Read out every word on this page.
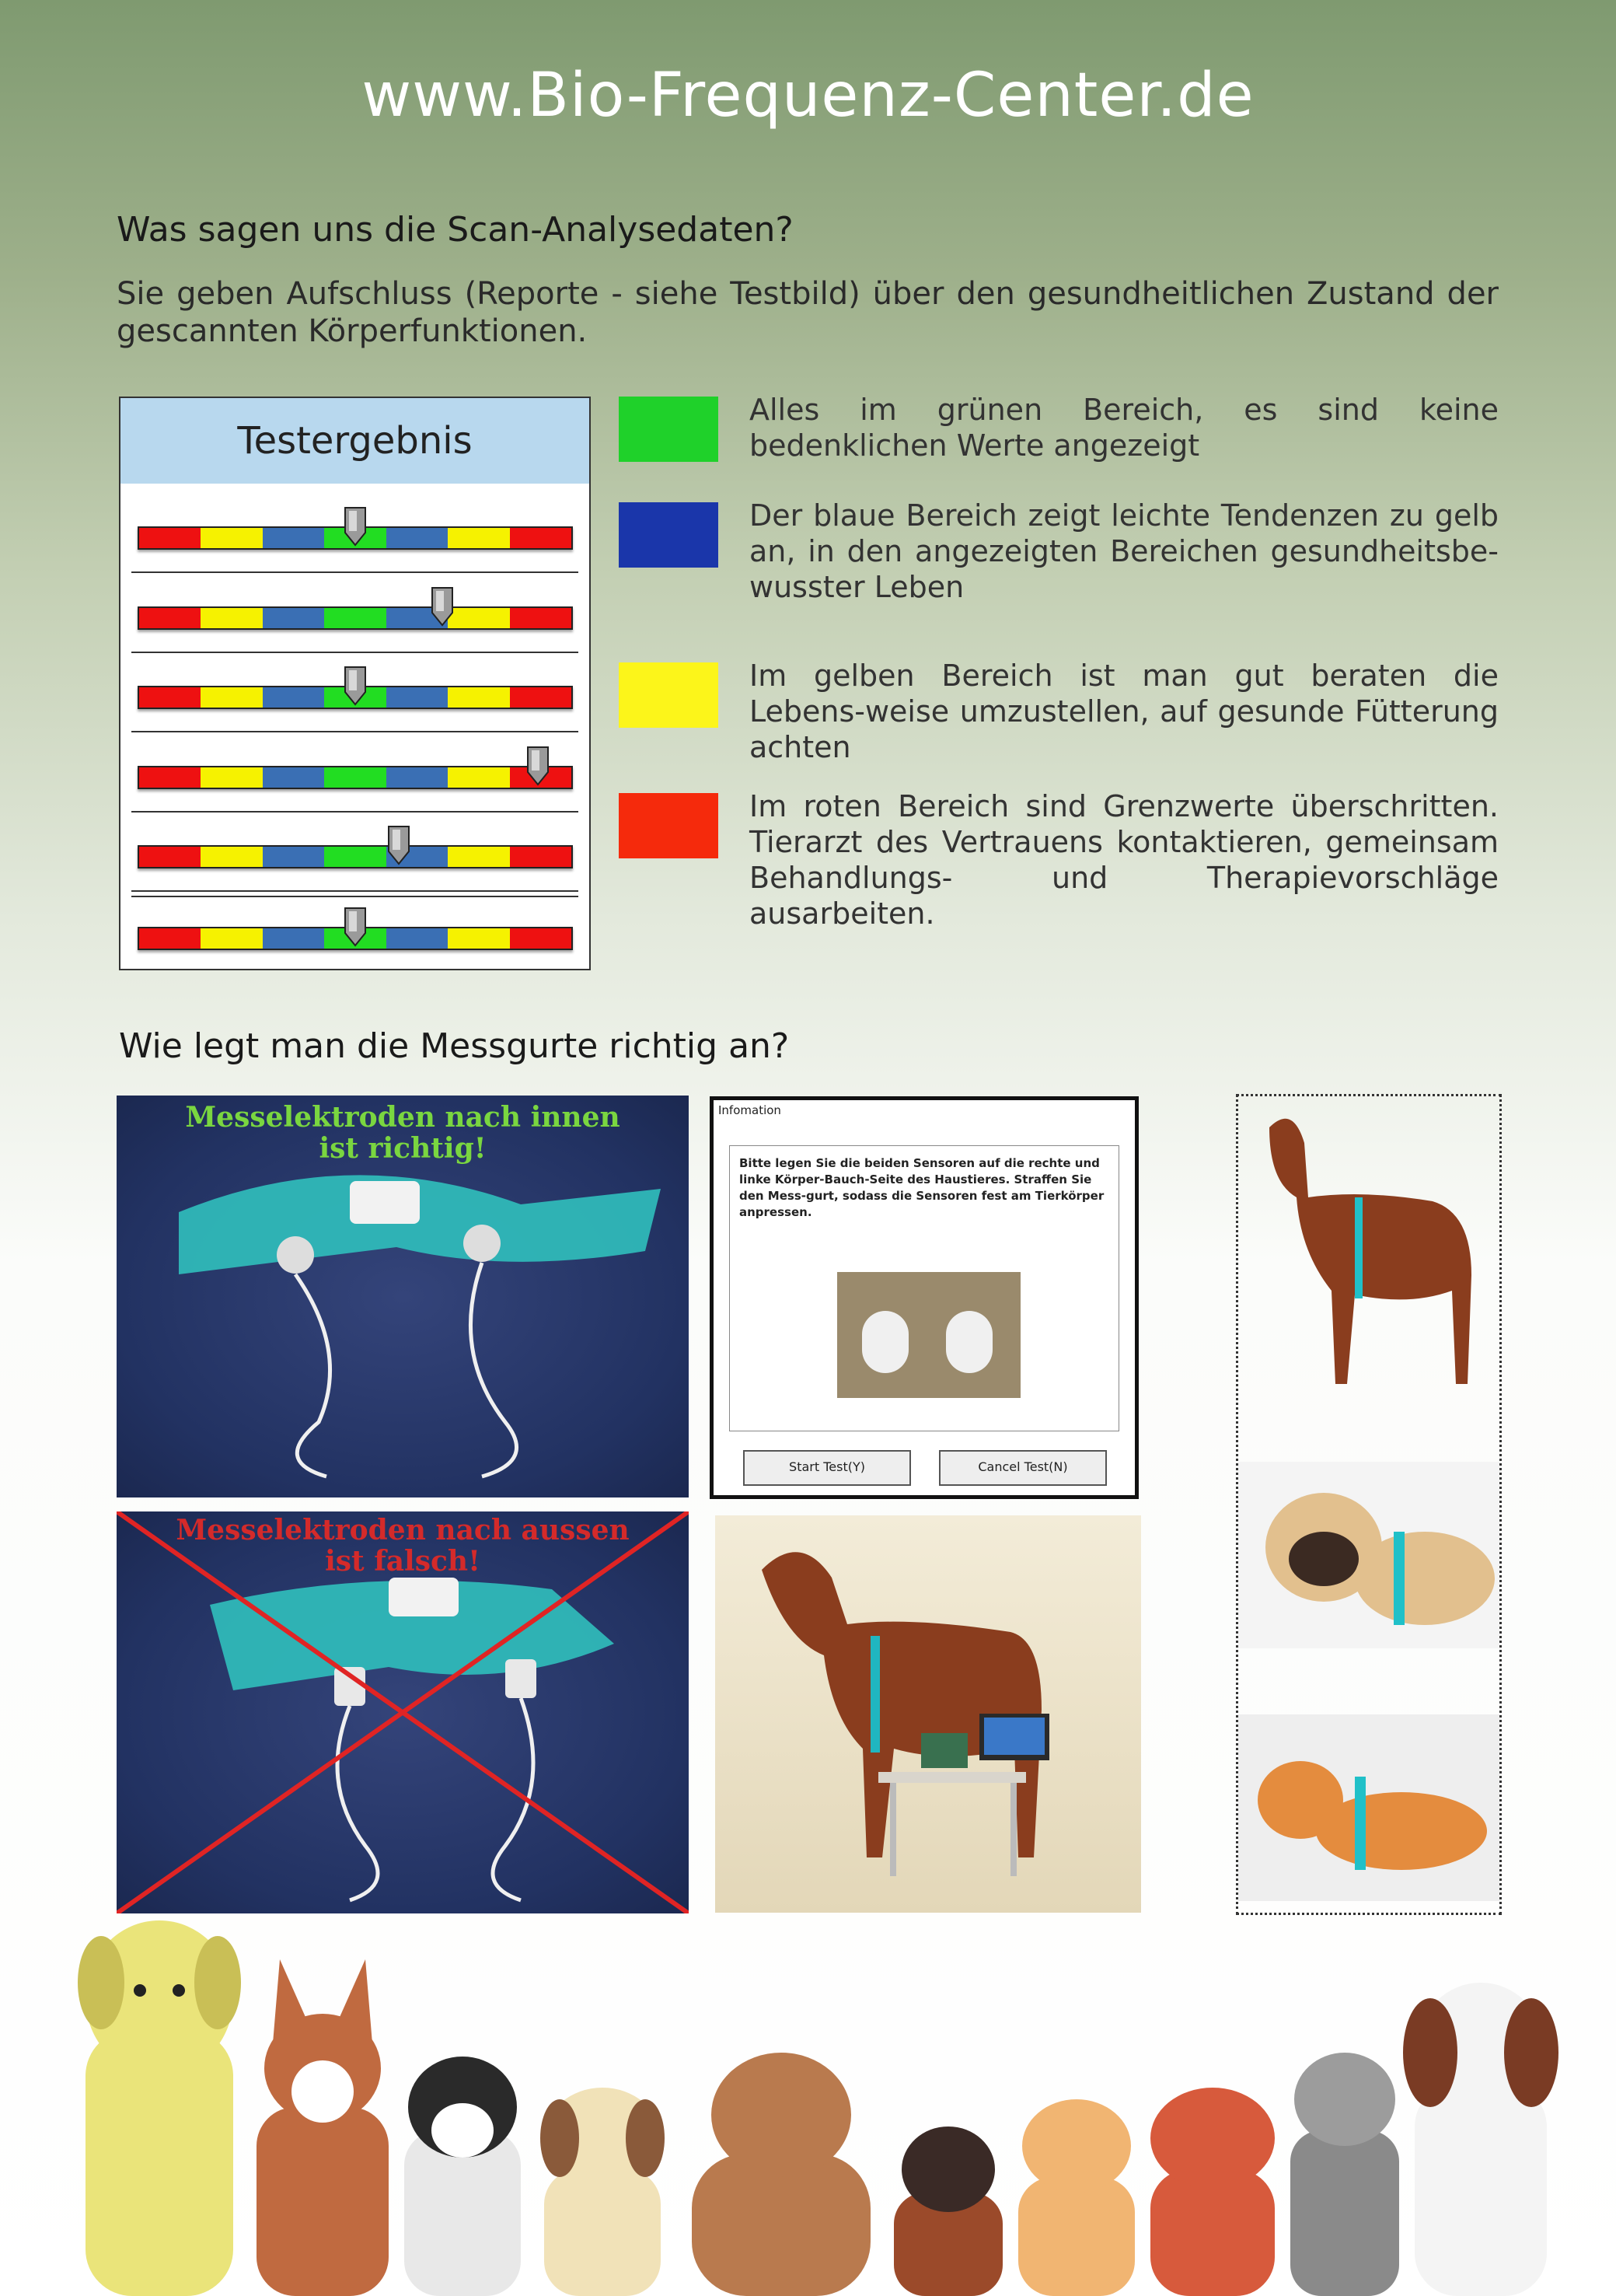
www.Bio-Frequenz-Center.de
Was sagen uns die Scan-Analysedaten?
Sie geben Aufschluss (Reporte - siehe Testbild) über den gesundheitlichen Zustand der gescannten Körperfunktionen.
Testergebnis
Alles im grünen Bereich, es sind keine bedenklichen Werte angezeigt
Der blaue Bereich zeigt leichte Tendenzen zu gelb an, in den angezeigten Bereichen gesundheitsbe-wusster Leben
Im gelben Bereich ist man gut beraten die Lebens-weise umzustellen, auf gesunde Fütterung achten
Im roten Bereich sind Grenzwerte überschritten. Tierarzt des Vertrauens kontaktieren, gemeinsam Behandlungs- und Therapievorschläge ausarbeiten.
Wie legt man die Messgurte richtig an?
Messelektroden nach innen
ist richtig!
Messelektroden nach aussen
ist falsch!
Infomation
Bitte legen Sie die beiden Sensoren auf die rechte und linke Körper-Bauch-Seite des Haustieres. Straffen Sie den Mess-gurt, sodass die Sensoren fest am Tierkörper anpressen.
Start Test(Y)	Cancel Test(N)
